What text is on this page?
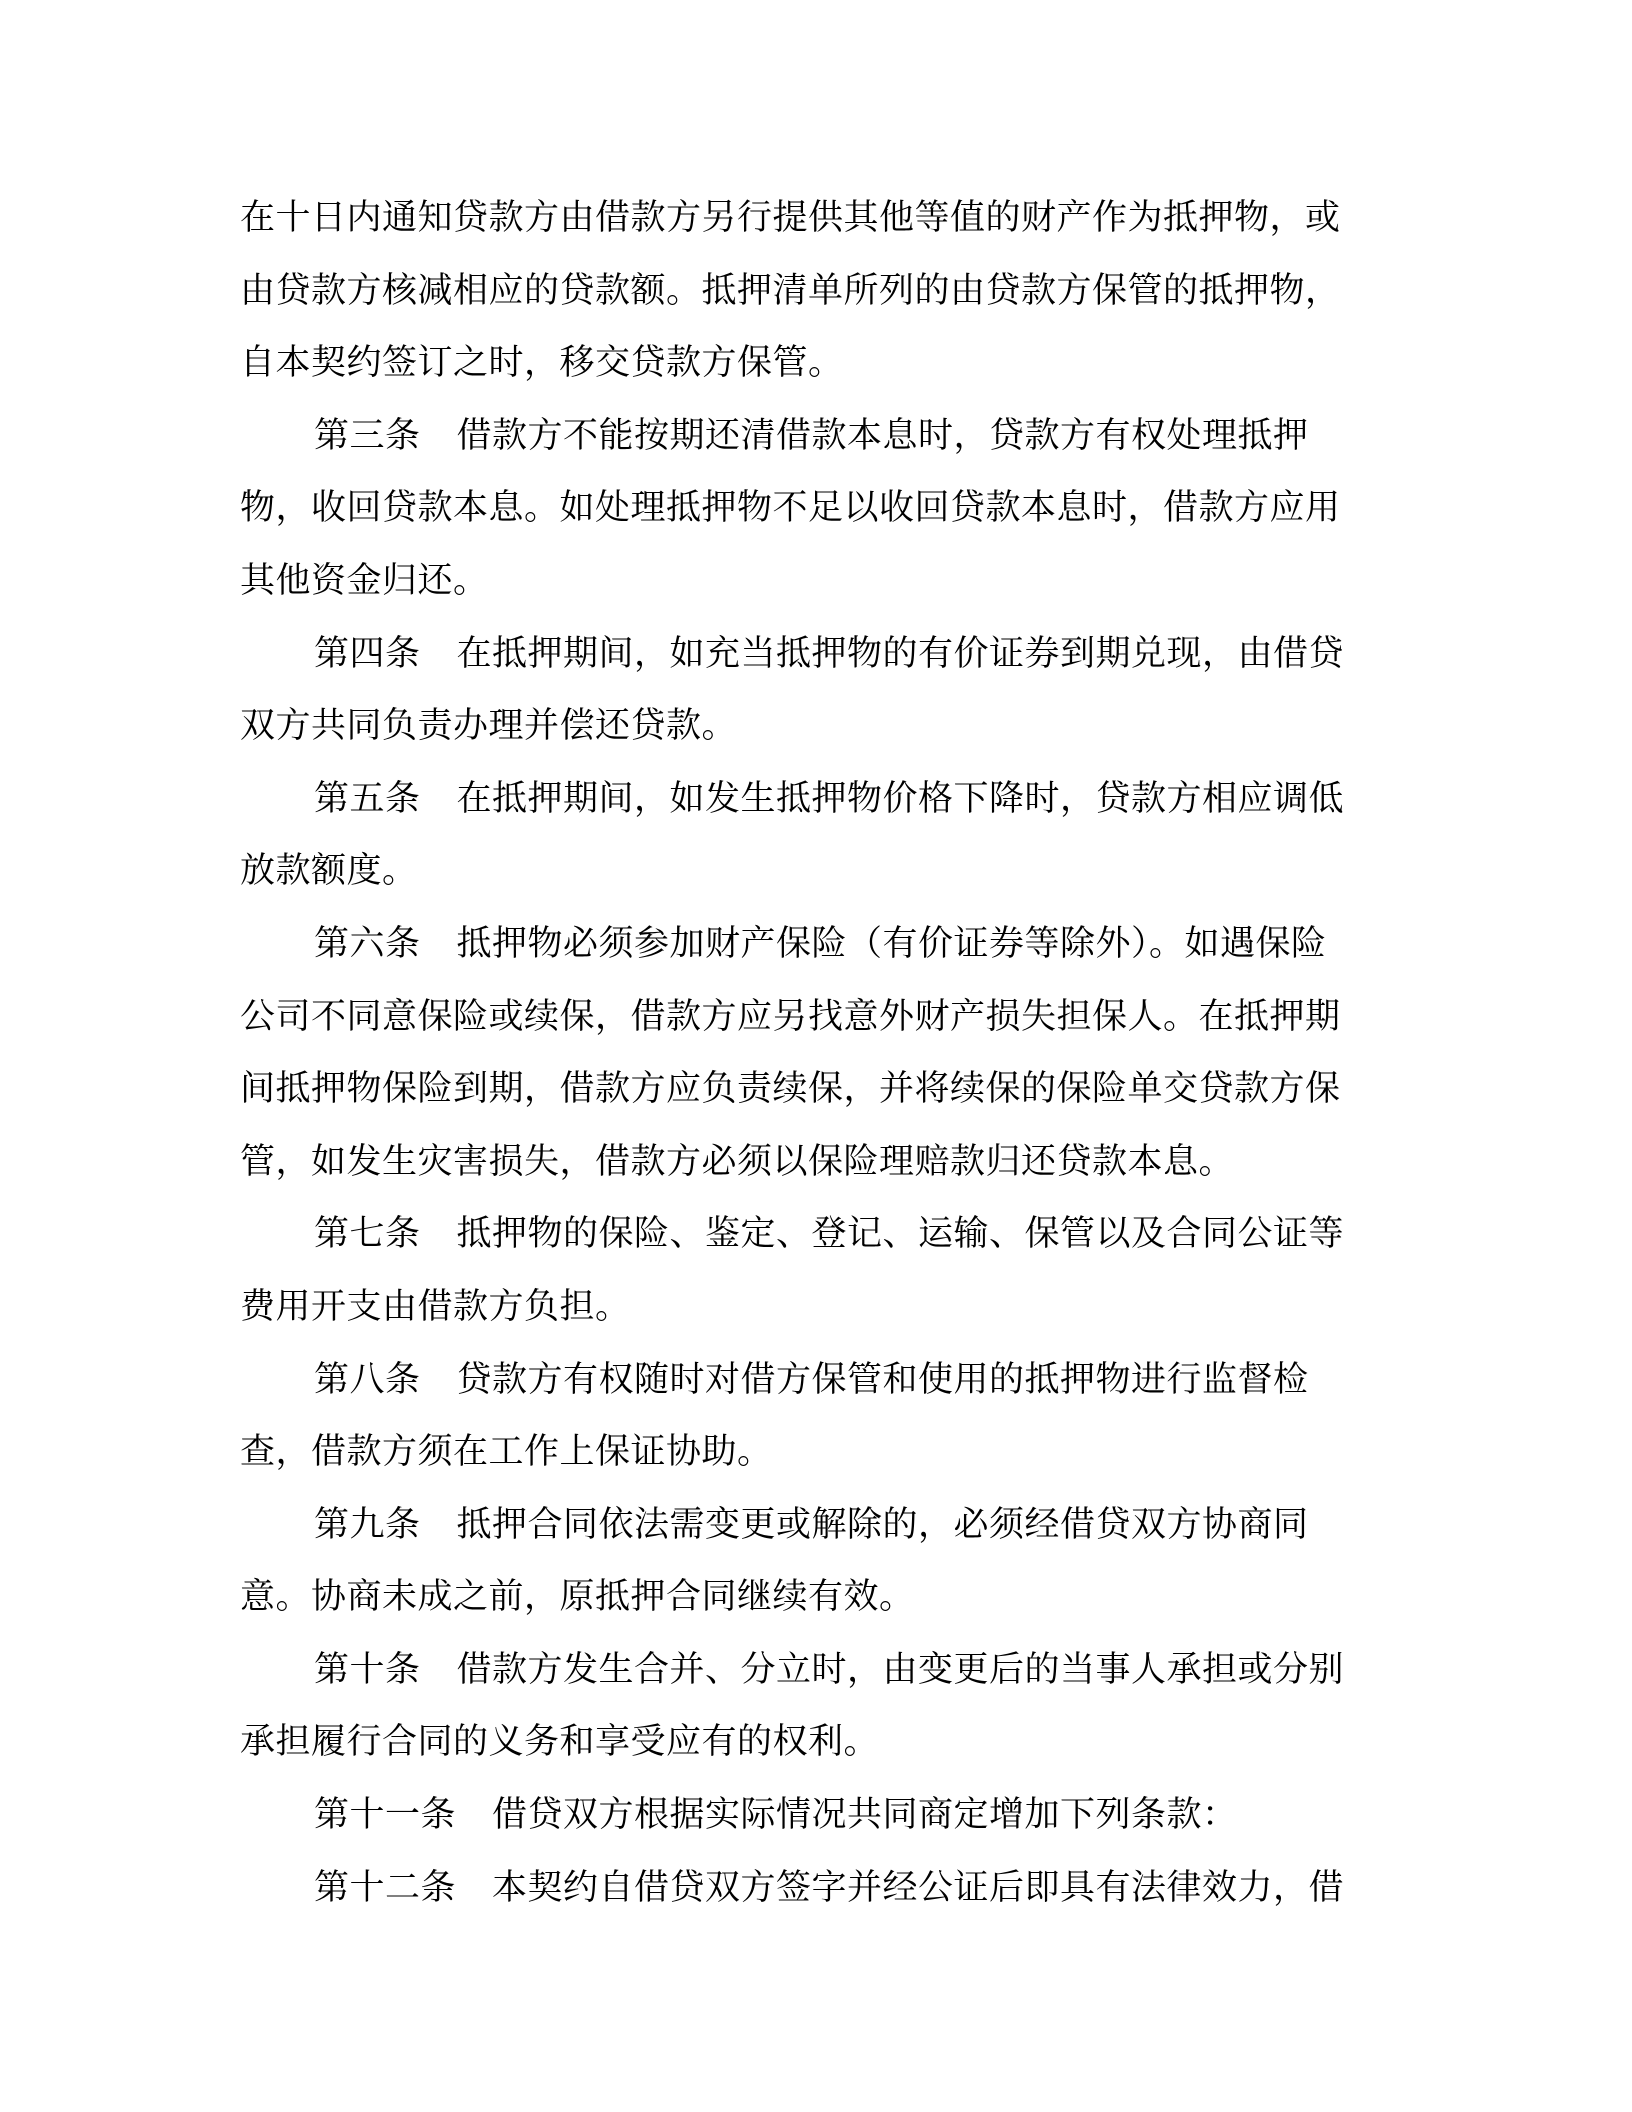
在十日内通知贷款方由借款方另行提供其他等值的财产作为抵押物，或
由贷款方核减相应的贷款额。抵押清单所列的由贷款方保管的抵押物，
自本契约签订之时，移交贷款方保管。

第三条 借款方不能按期还清借款本息时，贷款方有权处理抵押
物，收回贷款本息。如处理抵押物不足以收回贷款本息时，借款方应用
其他资金归还。

第四条 在抵押期间，如充当抵押物的有价证券到期兑现，由借贷
双方共同负责办理并偿还贷款。

第五条 在抵押期间，如发生抵押物价格下降时，贷款方相应调低
放款额度。

第六条 抵押物必须参加财产保险（有价证券等除外）。如遇保险
公司不同意保险或续保，借款方应另找意外财产损失担保人。在抵押期
间抵押物保险到期，借款方应负责续保，并将续保的保险单交贷款方保
管，如发生灾害损失，借款方必须以保险理赔款归还贷款本息。

第七条 抵押物的保险、鉴定、登记、运输、保管以及合同公证等
费用开支由借款方负担。

第八条 贷款方有权随时对借方保管和使用的抵押物进行监督检
查，借款方须在工作上保证协助。

第九条 抵押合同依法需变更或解除的，必须经借贷双方协商同
意。协商未成之前，原抵押合同继续有效。

第十条 借款方发生合并、分立时，由变更后的当事人承担或分别
承担履行合同的义务和享受应有的权利。

第十一条 借贷双方根据实际情况共同商定增加下列条款：

第十二条 本契约自借贷双方签字并经公证后即具有法律效力，借
